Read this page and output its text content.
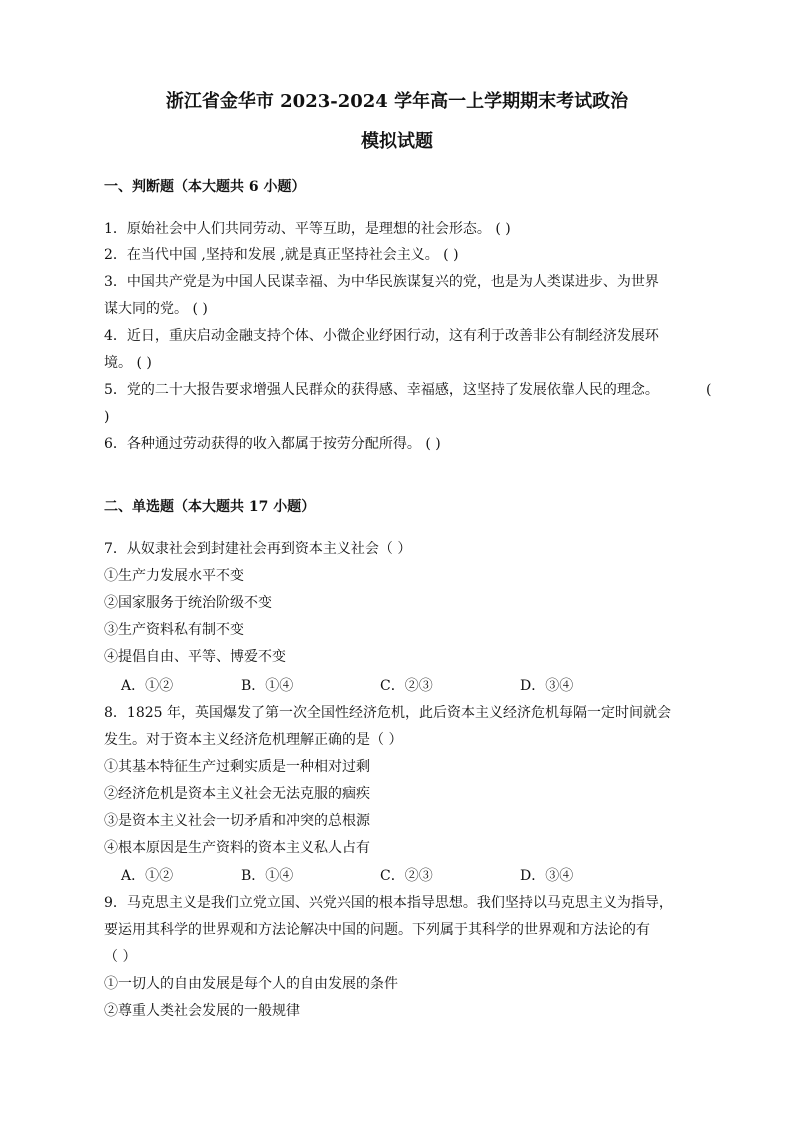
浙江省金华市 2023-2024 学年高一上学期期末考试政治
模拟试题
一、判断题（本大题共 6 小题）
1．原始社会中人们共同劳动、平等互助，是理想的社会形态。 ( )
2．在当代中国 ,坚持和发展 ,就是真正坚持社会主义。 ( )
3．中国共产党是为中国人民谋幸福、为中华民族谋复兴的党，也是为人类谋进步、为世界
谋大同的党。 ( )
4．近日，重庆启动金融支持个体、小微企业纾困行动，这有利于改善非公有制经济发展环
境。 ( )
5．党的二十大报告要求增强人民群众的获得感、幸福感，这坚持了发展依靠人民的理念。	(
)
6．各种通过劳动获得的收入都属于按劳分配所得。 ( )
二、单选题（本大题共 17 小题）
7．从奴隶社会到封建社会再到资本主义社会（ ）
①生产力发展水平不变
②国家服务于统治阶级不变
③生产资料私有制不变
④提倡自由、平等、博爱不变
A．①②	B．①④	C．②③	D．③④
8．1825 年，英国爆发了第一次全国性经济危机，此后资本主义经济危机每隔一定时间就会
发生。对于资本主义经济危机理解正确的是（ ）
①其基本特征生产过剩实质是一种相对过剩
②经济危机是资本主义社会无法克服的痼疾
③是资本主义社会一切矛盾和冲突的总根源
④根本原因是生产资料的资本主义私人占有
A．①②	B．①④	C．②③	D．③④
9．马克思主义是我们立党立国、兴党兴国的根本指导思想。我们坚持以马克思主义为指导，
要运用其科学的世界观和方法论解决中国的问题。下列属于其科学的世界观和方法论的有
（ ）
①一切人的自由发展是每个人的自由发展的条件
②尊重人类社会发展的一般规律
